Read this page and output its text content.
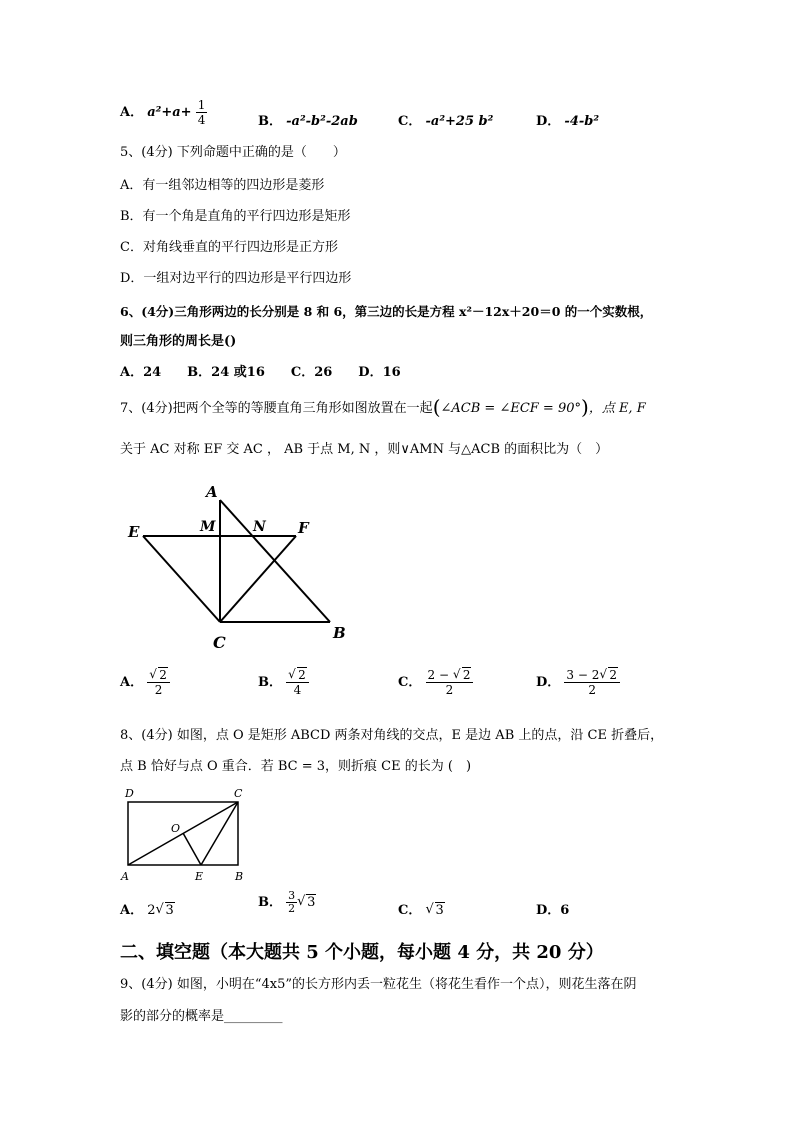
A． $a^2+a+ \frac{1}{4}$	B． -a²-b²-2ab	C． -a²+25 b²	D． -4-b²
5、(4分) 下列命题中正确的是（　　）
A．有一组邻边相等的四边形是菱形
B．有一个角是直角的平行四边形是矩形
C．对角线垂直的平行四边形是正方形
D．一组对边平行的四边形是平行四边形
6、(4分)三角形两边的长分别是 8 和 6，第三边的长是方程 x²－12x＋20＝0 的一个实数根，
则三角形的周长是()
A．24　　B．24 或16　　C．26　　D．16
7、(4分)把两个全等的等腰直角三角形如图放置在一起(∠ACB = ∠ECF = 90°)，点 E, F
关于 AC 对称 EF 交 AC ， AB 于点 M, N ，则∨AMN 与△ACB 的面积比为（　）
A
M	N
E	F
C	B
A． √ $\frac{2}{2}$	B． √ $\frac{2}{4}$	C． $\frac{2 - √ 2}{2}$	D． $\frac{3 - 2 √ 2}{2}$
8、(4分) 如图，点 O 是矩形 ABCD 两条对角线的交点，E 是边 AB 上的点，沿 CE 折叠后，
点 B 恰好与点 O 重合．若 BC = 3，则折痕 CE 的长为 (　)
D	C
O
A	E	B
A． 2 √ 3
B． $\frac{3}{2}$ √ 3
C． √ 3	D．6
二、填空题（本大题共 5 个小题，每小题 4 分，共 20 分）
9、(4分) 如图，小明在“4x5”的长方形内丢一粒花生（将花生看作一个点），则花生落在阴
影的部分的概率是_________
